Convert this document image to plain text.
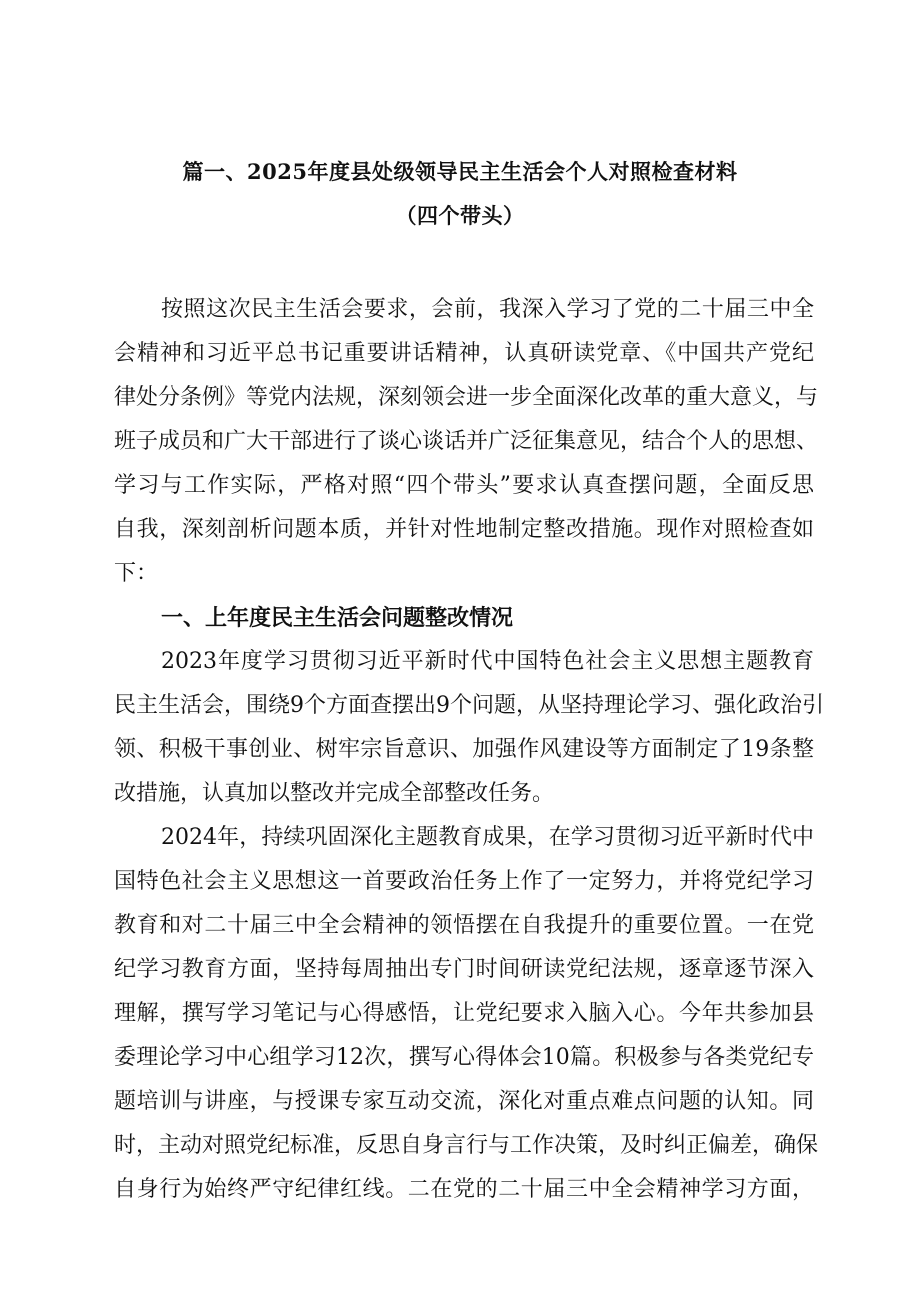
篇一、2025年度县处级领导民主生活会个人对照检查材料
（四个带头）
按照这次民主生活会要求，会前，我深入学习了党的二十届三中全
会精神和习近平总书记重要讲话精神，认真研读党章、《中国共产党纪
律处分条例》等党内法规，深刻领会进一步全面深化改革的重大意义，与
班子成员和广大干部进行了谈心谈话并广泛征集意见，结合个人的思想、
学习与工作实际，严格对照“四个带头”要求认真查摆问题，全面反思
自我，深刻剖析问题本质，并针对性地制定整改措施。现作对照检查如
下：
一、上年度民主生活会问题整改情况
2023年度学习贯彻习近平新时代中国特色社会主义思想主题教育
民主生活会，围绕9个方面查摆出9个问题，从坚持理论学习、强化政治引
领、积极干事创业、树牢宗旨意识、加强作风建设等方面制定了19条整
改措施，认真加以整改并完成全部整改任务。
2024年，持续巩固深化主题教育成果，在学习贯彻习近平新时代中
国特色社会主义思想这一首要政治任务上作了一定努力，并将党纪学习
教育和对二十届三中全会精神的领悟摆在自我提升的重要位置。一在党
纪学习教育方面，坚持每周抽出专门时间研读党纪法规，逐章逐节深入
理解，撰写学习笔记与心得感悟，让党纪要求入脑入心。今年共参加县
委理论学习中心组学习12次，撰写心得体会10篇。积极参与各类党纪专
题培训与讲座，与授课专家互动交流，深化对重点难点问题的认知。同
时，主动对照党纪标准，反思自身言行与工作决策，及时纠正偏差，确保
自身行为始终严守纪律红线。二在党的二十届三中全会精神学习方面，
